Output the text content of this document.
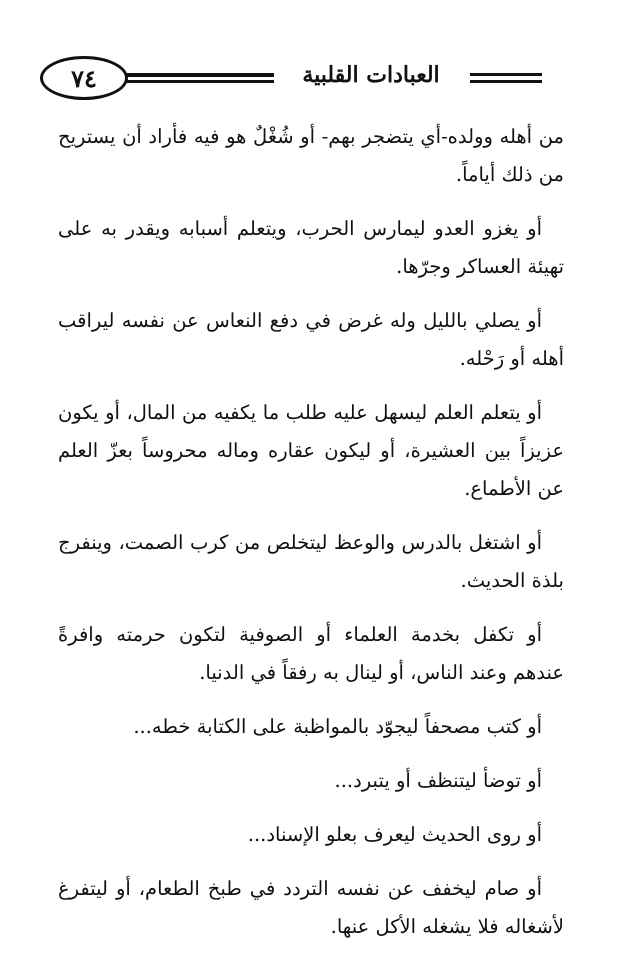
٧٤	العبادات القلبية

من أهله وولده-أي يتضجر بهم- أو شُغْلٌ هو فيه فأراد أن يستريح من ذلك أياماً.

أو يغزو العدو ليمارس الحرب، ويتعلم أسبابه ويقدر به على تهيئة العساكر وجرّها.

أو يصلي بالليل وله غرض في دفع النعاس عن نفسه ليراقب أهله أو رَحْله.

أو يتعلم العلم ليسهل عليه طلب ما يكفيه من المال، أو يكون عزيزاً بين العشيرة، أو ليكون عقاره وماله محروساً بعزّ العلم عن الأطماع.

أو اشتغل بالدرس والوعظ ليتخلص من كرب الصمت، وينفرج بلذة الحديث.

أو تكفل بخدمة العلماء أو الصوفية لتكون حرمته وافرةً عندهم وعند الناس، أو لينال به رفقاً في الدنيا.

أو كتب مصحفاً ليجوّد بالمواظبة على الكتابة خطه...

أو توضأ ليتنظف أو يتبرد...

أو روى الحديث ليعرف بعلو الإسناد...

أو صام ليخفف عن نفسه التردد في طبخ الطعام، أو ليتفرغ لأشغاله فلا يشغله الأكل عنها.
